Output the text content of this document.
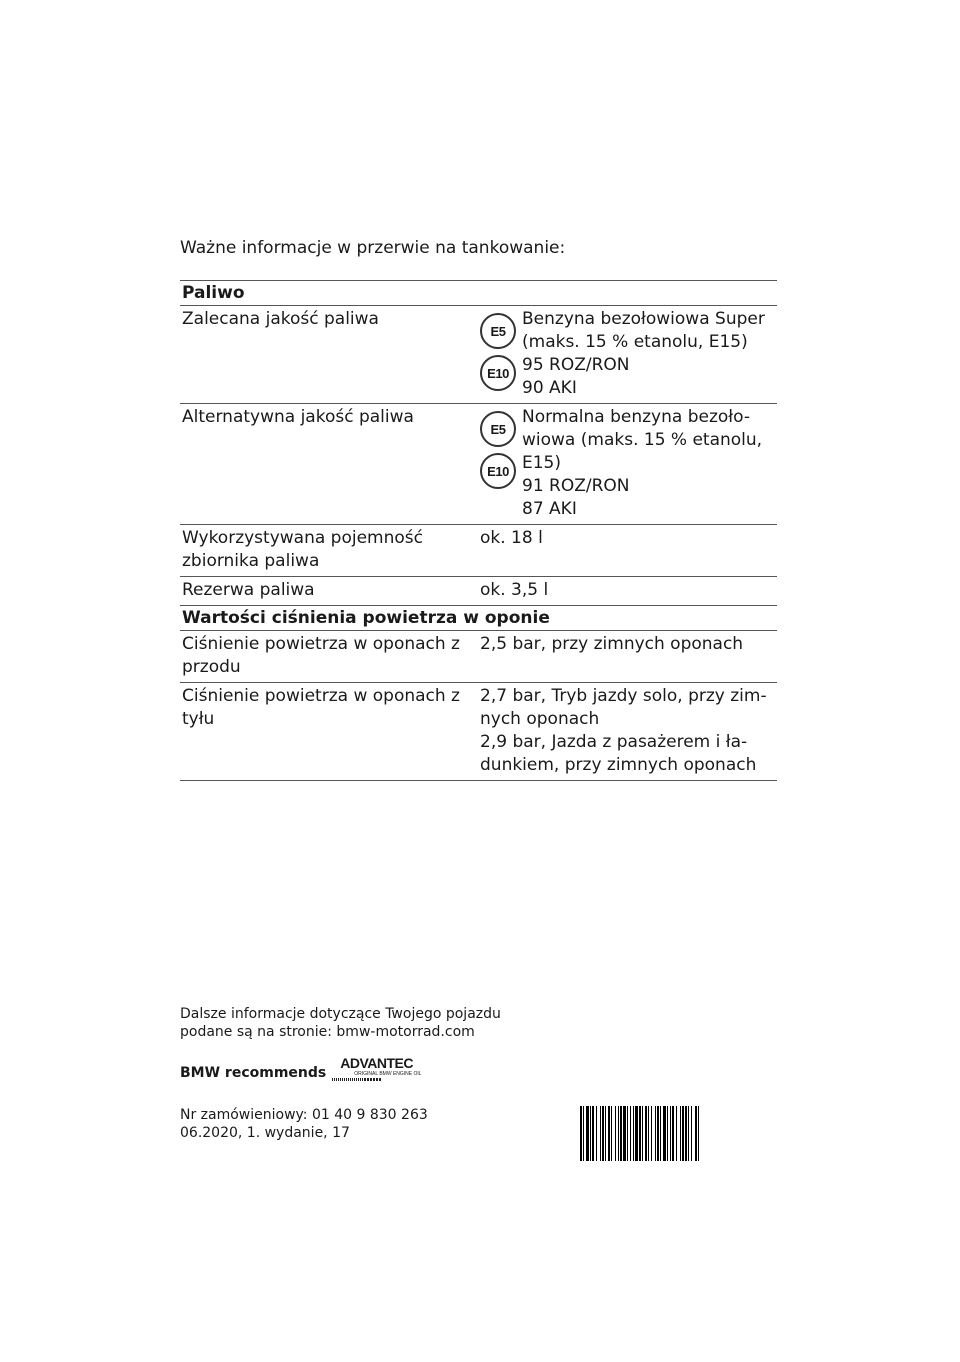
Ważne informacje w przerwie na tankowanie:
Paliwo
Zalecana jakość paliwa
E5
E10
Benzyna bezołowiowa Super
(maks. 15 % etanolu, E15)
95 ROZ/RON
90 AKI
Alternatywna jakość paliwa
E5
E10
Normalna benzyna bezoło-
wiowa (maks. 15 % etanolu,
E15)
91 ROZ/RON
87 AKI
Wykorzystywana pojemność zbiornika paliwa
ok. 18 l
Rezerwa paliwa	ok. 3,5 l
Wartości ciśnienia powietrza w oponie
Ciśnienie powietrza w oponach z przodu
2,5 bar, przy zimnych oponach
Ciśnienie powietrza w oponach z tyłu
2,7 bar, Tryb jazdy solo, przy zimnych oponach
2,9 bar, Jazda z pasażerem i ładunkiem, przy zimnych oponach
Dalsze informacje dotyczące Twojego pojazdu
podane są na stronie: bmw-motorrad.com
BMW recommends
ADVANTEC
ORIGINAL BMW ENGINE OIL
Nr zamówieniowy: 01 40 9 830 263
06.2020, 1. wydanie, 17
